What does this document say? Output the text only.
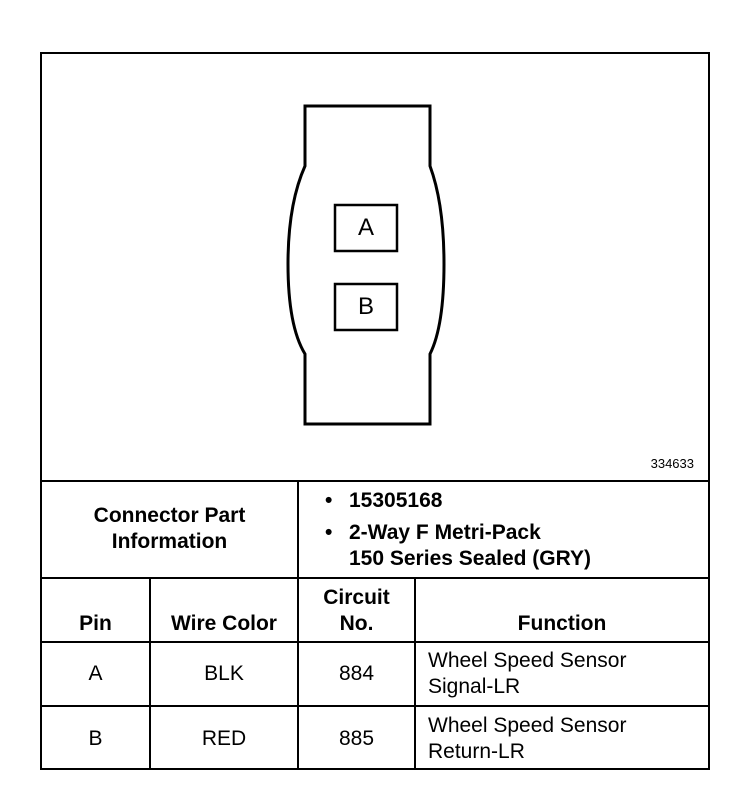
A
B
334633
Connector Part Information		• 15305168
• 2-Way F Metri-Pack
150 Series Sealed (GRY)	

Pin	Wire Color	Circuit No.	Function
A	BLK	884	Wheel Speed Sensor Signal-LR

B	RED	885	Wheel Speed Sensor Return-LR
